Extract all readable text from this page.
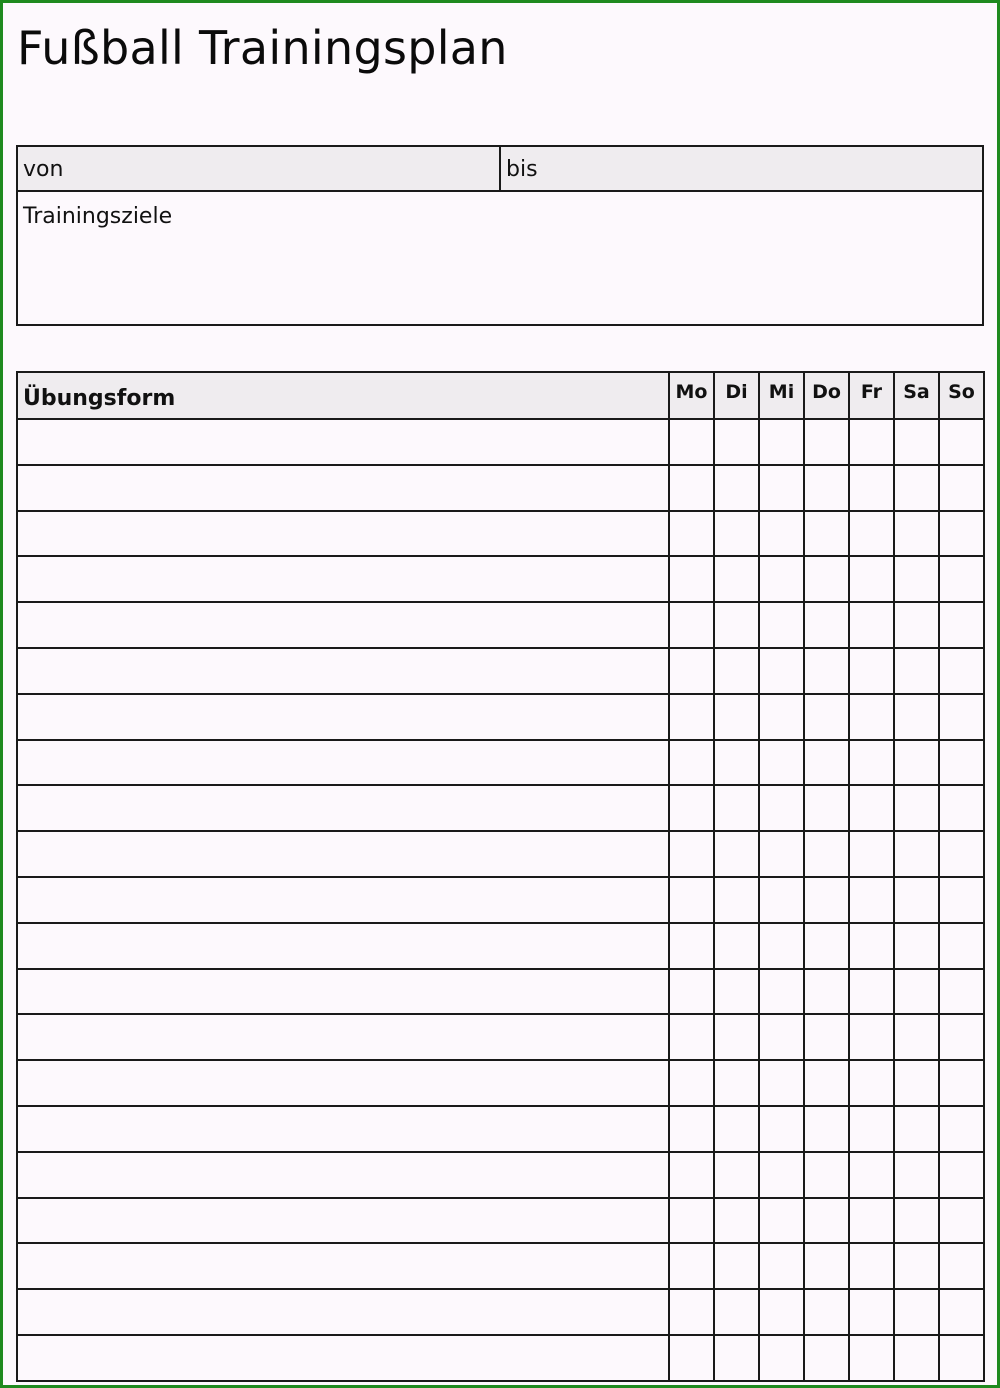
Fußball Trainingsplan
von	bis
Trainingsziele
Übungsform	Mo	Di	Mi	Do	Fr	Sa	So
